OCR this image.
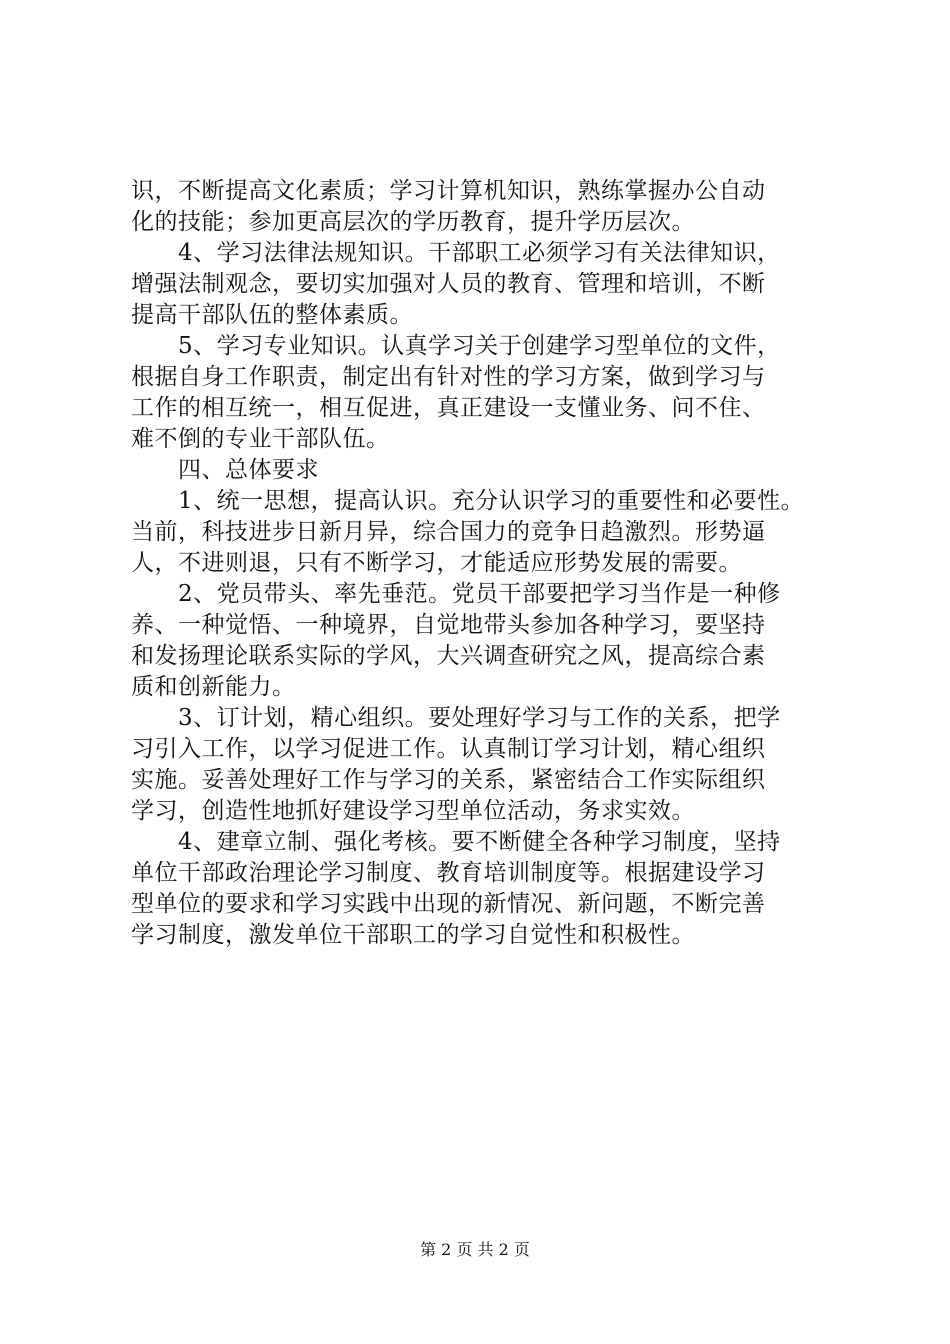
识，不断提高文化素质；学习计算机知识，熟练掌握办公自动
化的技能；参加更高层次的学历教育，提升学历层次。
4、学习法律法规知识。干部职工必须学习有关法律知识，
增强法制观念，要切实加强对人员的教育、管理和培训，不断
提高干部队伍的整体素质。
5、学习专业知识。认真学习关于创建学习型单位的文件，
根据自身工作职责，制定出有针对性的学习方案，做到学习与
工作的相互统一，相互促进，真正建设一支懂业务、问不住、
难不倒的专业干部队伍。
四、总体要求
1、统一思想，提高认识。充分认识学习的重要性和必要性。
当前，科技进步日新月异，综合国力的竞争日趋激烈。形势逼
人，不进则退，只有不断学习，才能适应形势发展的需要。
2、党员带头、率先垂范。党员干部要把学习当作是一种修
养、一种觉悟、一种境界，自觉地带头参加各种学习，要坚持
和发扬理论联系实际的学风，大兴调查研究之风，提高综合素
质和创新能力。
3、订计划，精心组织。要处理好学习与工作的关系，把学
习引入工作，以学习促进工作。认真制订学习计划，精心组织
实施。妥善处理好工作与学习的关系，紧密结合工作实际组织
学习，创造性地抓好建设学习型单位活动，务求实效。
4、建章立制、强化考核。要不断健全各种学习制度，坚持
单位干部政治理论学习制度、教育培训制度等。根据建设学习
型单位的要求和学习实践中出现的新情况、新问题，不断完善
学习制度，激发单位干部职工的学习自觉性和积极性。
第 2 页 共 2 页
